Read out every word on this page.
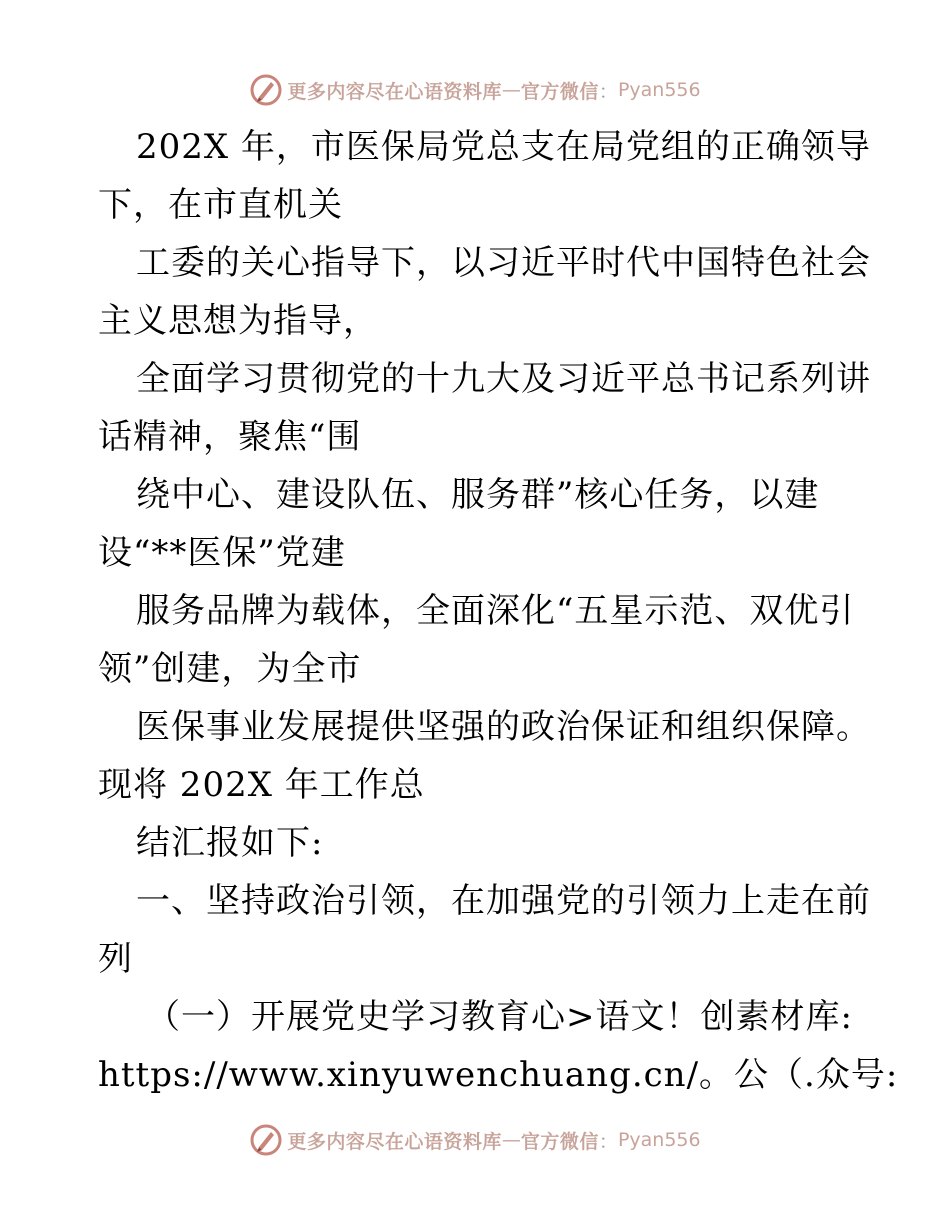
更多内容尽在心语资料库 — 官方微信 ： Pyan556
202X 年，市医保局党总支在局党组的正确领导
下，在市直机关
工委的关心指导下，以习近平时代中国特色社会
主义思想为指导，
全面学习贯彻党的十九大及习近平总书记系列讲
话精神，聚焦“围
绕中心、建设队伍、服务群”核心任务，以建
设“**医保”党建
服务品牌为载体，全面深化“五星示范、双优引
领”创建，为全市
医保事业发展提供坚强的政治保证和组织保障。
现将 202X 年工作总
结汇报如下:
一、坚持政治引领，在加强党的引领力上走在前
列
（一）开展党史学习教育心>语文！创素材库:
https://www.xinyuwenchuang.cn/。公（.众号:
更多内容尽在心语资料库 — 官方微信 ： Pyan556
